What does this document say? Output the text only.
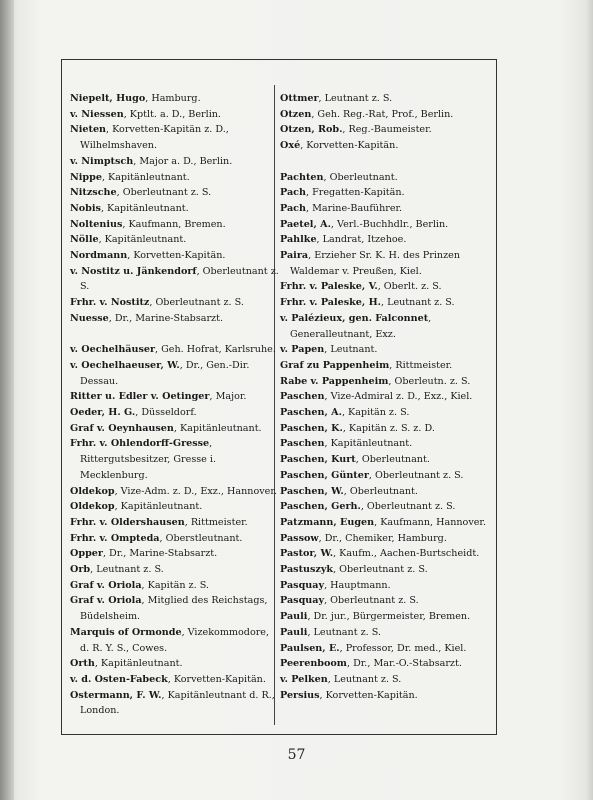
Niepelt, Hugo, Hamburg.

v. Niessen, Kptlt. a. D., Berlin.

Nieten, Korvetten-Kapitän z. D., Wilhelmshaven.

v. Nimptsch, Major a. D., Berlin.

Nippe, Kapitänleutnant.

Nitzsche, Oberleutnant z. S.

Nobis, Kapitänleutnant.

Noltenius, Kaufmann, Bremen.

Nölle, Kapitänleutnant.

Nordmann, Korvetten-Kapitän.

v. Nostitz u. Jänkendorf, Oberleutnant z. S.

Frhr. v. Nostitz, Oberleutnant z. S.

Nuesse, Dr., Marine-Stabsarzt.

v. Oechelhäuser, Geh. Hofrat, Karlsruhe.

v. Oechelhaeuser, W., Dr., Gen.-Dir. Dessau.

Ritter u. Edler v. Oetinger, Major.

Oeder, H. G., Düsseldorf.

Graf v. Oeynhausen, Kapitänleutnant.

Frhr. v. Ohlendorff-Gresse, Rittergutsbesitzer, Gresse i. Mecklenburg.

Oldekop, Vize-Adm. z. D., Exz., Hannover.

Oldekop, Kapitänleutnant.

Frhr. v. Oldershausen, Rittmeister.

Frhr. v. Omptedа, Oberstleutnant.

Opper, Dr., Marine-Stabsarzt.

Orb, Leutnant z. S.

Graf v. Oriola, Kapitän z. S.

Graf v. Oriola, Mitglied des Reichstags, Büdelsheim.

Marquis of Ormonde, Vizekommodore, d. R. Y. S., Cowes.

Orth, Kapitänleutnant.

v. d. Osten-Fabeck, Korvetten-Kapitän.

Ostermann, F. W., Kapitänleutnant d. R., London.

Ottmer, Leutnant z. S.

Otzen, Geh. Reg.-Rat, Prof., Berlin.

Otzen, Rob., Reg.-Baumeister.

Oxé, Korvetten-Kapitän.

Pachten, Oberleutnant.

Pach, Fregatten-Kapitän.

Pach, Marine-Bauführer.

Paetel, A., Verl.-Buchhdlr., Berlin.

Pahlke, Landrat, Itzehoe.

Paira, Erzieher Sr. K. H. des Prinzen Waldemar v. Preußen, Kiel.

Frhr. v. Paleske, V., Oberlt. z. S.

Frhr. v. Paleske, H., Leutnant z. S.

v. Palézieux, gen. Falconnet, Generalleutnant, Exz.

v. Papen, Leutnant.

Graf zu Pappenheim, Rittmeister.

Rabe v. Pappenheim, Oberleutn. z. S.

Paschen, Vize-Admiral z. D., Exz., Kiel.

Paschen, A., Kapitän z. S.

Paschen, K., Kapitän z. S. z. D.

Paschen, Kapitänleutnant.

Paschen, Kurt, Oberleutnant.

Paschen, Günter, Oberleutnant z. S.

Paschen, W., Oberleutnant.

Paschen, Gerh., Oberleutnant z. S.

Patzmann, Eugen, Kaufmann, Hannover.

Passow, Dr., Chemiker, Hamburg.

Pastor, W., Kaufm., Aachen-Burtscheidt.

Pastuszyk, Oberleutnant z. S.

Pasquay, Hauptmann.

Pasquay, Oberleutnant z. S.

Pauli, Dr. jur., Bürgermeister, Bremen.

Pauli, Leutnant z. S.

Paulsen, E., Professor, Dr. med., Kiel.

Peerenboom, Dr., Mar.-O.-Stabsarzt.

v. Pelken, Leutnant z. S.

Persius, Korvetten-Kapitän.

57
